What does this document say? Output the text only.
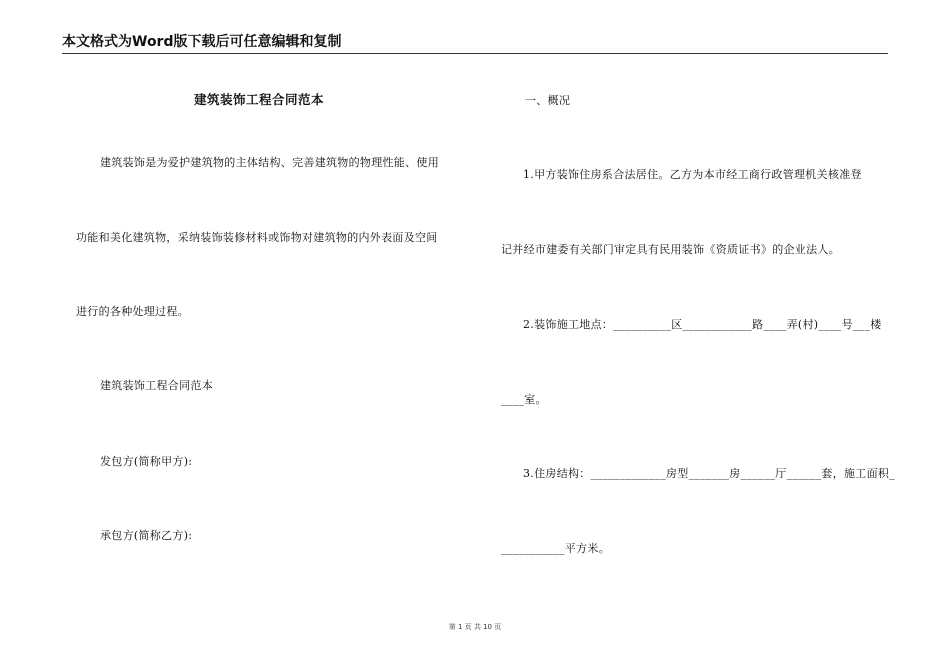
本文格式为Word版下载后可任意编辑和复制
建筑装饰工程合同范本
建筑装饰是为爱护建筑物的主体结构、完善建筑物的物理性能、使用
功能和美化建筑物，采纳装饰装修材料或饰物对建筑物的内外表面及空间
进行的各种处理过程。
建筑装饰工程合同范本
发包方(简称甲方):
承包方(简称乙方):
一、概况
1.甲方装饰住房系合法居住。乙方为本市经工商行政管理机关核准登
记并经市建委有关部门审定具有民用装饰《资质证书》的企业法人。
2.装饰施工地点：__________区____________路____弄(村)____号___楼
____室。
3.住房结构：_____________房型_______房______厅______套，施工面积_
___________平方米。
第 1 页 共 10 页
